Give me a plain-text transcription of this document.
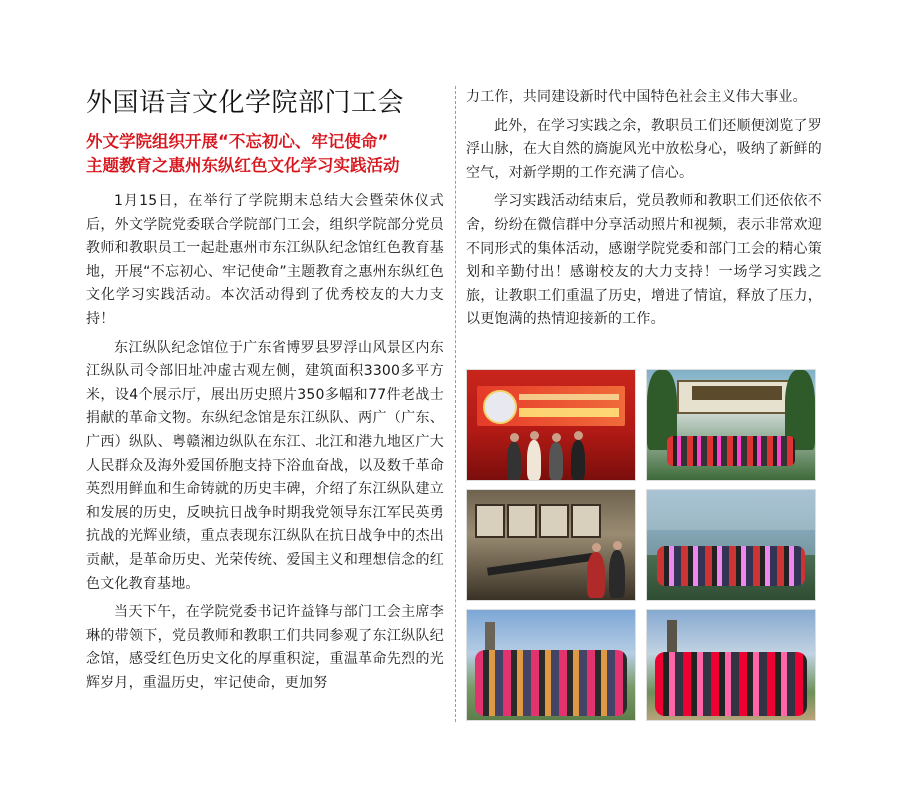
外国语言文化学院部门工会
外文学院组织开展“不忘初心、牢记使命”
主题教育之惠州东纵红色文化学习实践活动

1月15日，在举行了学院期末总结大会暨荣休仪式后，外文学院党委联合学院部门工会，组织学院部分党员教师和教职员工一起赴惠州市东江纵队纪念馆红色教育基地，开展“不忘初心、牢记使命”主题教育之惠州东纵红色文化学习实践活动。本次活动得到了优秀校友的大力支持！

东江纵队纪念馆位于广东省博罗县罗浮山风景区内东江纵队司令部旧址冲虚古观左侧，建筑面积3300多平方米，设4个展示厅，展出历史照片350多幅和77件老战士捐献的革命文物。东纵纪念馆是东江纵队、两广（广东、广西）纵队、粤赣湘边纵队在东江、北江和港九地区广大人民群众及海外爱国侨胞支持下浴血奋战，以及数千革命英烈用鲜血和生命铸就的历史丰碑，介绍了东江纵队建立和发展的历史，反映抗日战争时期我党领导东江军民英勇抗战的光辉业绩，重点表现东江纵队在抗日战争中的杰出贡献，是革命历史、光荣传统、爱国主义和理想信念的红色文化教育基地。

当天下午，在学院党委书记许益锋与部门工会主席李琳的带领下，党员教师和教职工们共同参观了东江纵队纪念馆，感受红色历史文化的厚重积淀，重温革命先烈的光辉岁月，重温历史，牢记使命，更加努

力工作，共同建设新时代中国特色社会主义伟大事业。

此外，在学习实践之余，教职员工们还顺便浏览了罗浮山脉，在大自然的旖旎风光中放松身心，吸纳了新鲜的空气，对新学期的工作充满了信心。

学习实践活动结束后，党员教师和教职工们还依依不舍，纷纷在微信群中分享活动照片和视频，表示非常欢迎不同形式的集体活动，感谢学院党委和部门工会的精心策划和辛勤付出！感谢校友的大力支持！一场学习实践之旅，让教职工们重温了历史，增进了情谊，释放了压力，以更饱满的热情迎接新的工作。
